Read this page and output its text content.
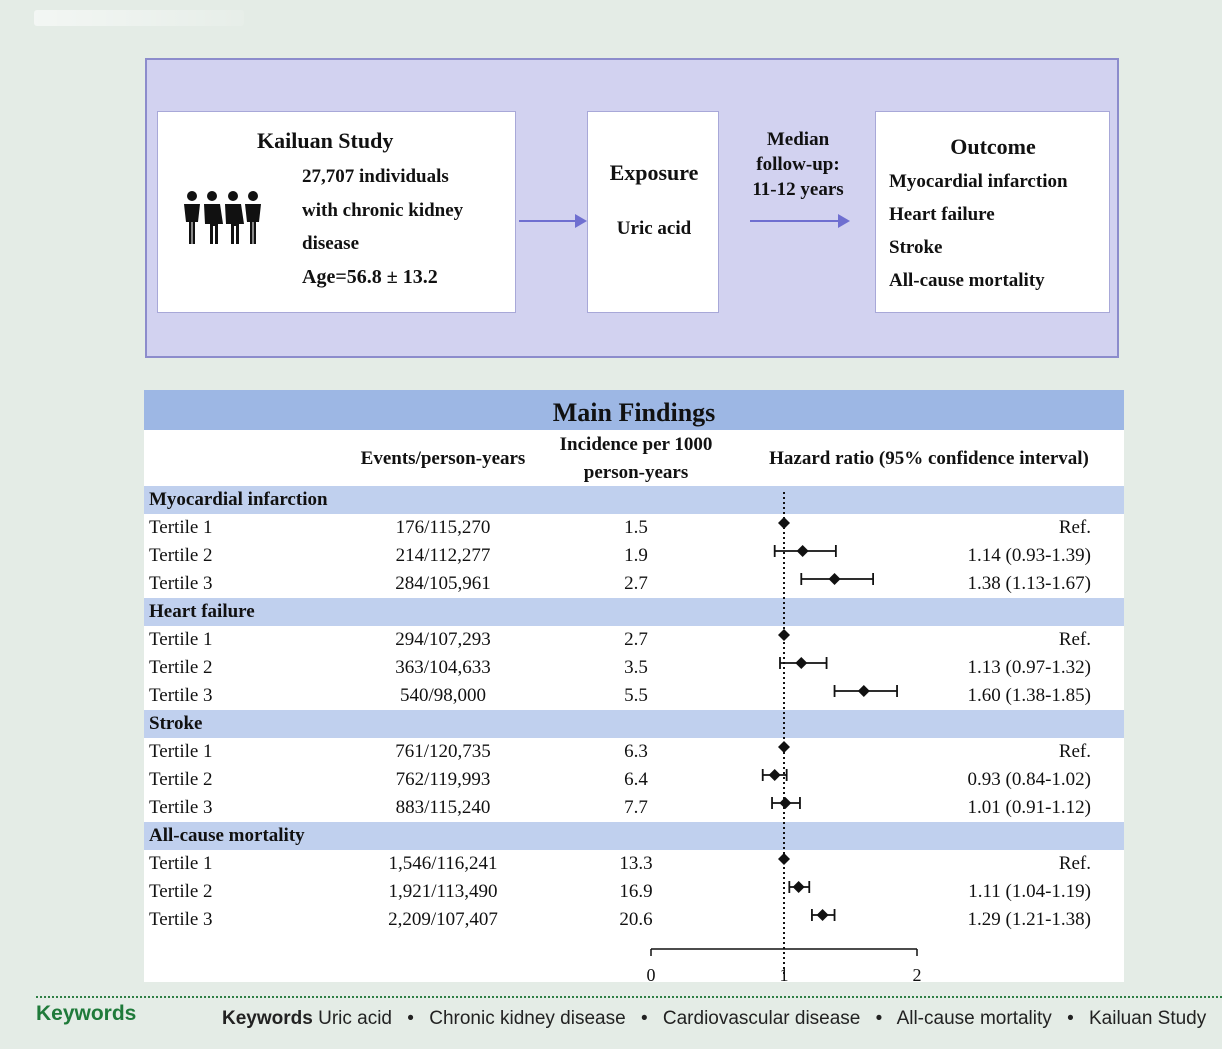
Kailuan Study
27,707 individuals
with chronic kidney
disease
Age=56.8 ± 13.2
Exposure
Uric acid
Median
follow-up:
11-12 years
Outcome
Myocardial infarction
Heart failure
Stroke
All-cause mortality
Main Findings
Events/person-years
Incidence per 1000
person-years
Hazard ratio (95% confidence interval)
Myocardial infarction
Tertile 1	176/115,270	1.5	Ref.
Tertile 2	214/112,277	1.9	1.14 (0.93-1.39)
Tertile 3	284/105,961	2.7	1.38 (1.13-1.67)
Heart failure
Tertile 1	294/107,293	2.7	Ref.
Tertile 2	363/104,633	3.5	1.13 (0.97-1.32)
Tertile 3	540/98,000	5.5	1.60 (1.38-1.85)
Stroke
Tertile 1	761/120,735	6.3	Ref.
Tertile 2	762/119,993	6.4	0.93 (0.84-1.02)
Tertile 3	883/115,240	7.7	1.01 (0.91-1.12)
All-cause mortality
Tertile 1	1,546/116,241	13.3	Ref.
Tertile 2	1,921/113,490	16.9	1.11 (1.04-1.19)
Tertile 3	2,209/107,407	20.6	1.29 (1.21-1.38)
0	1	2
Keywords	Keywords Uric acid • Chronic kidney disease • Cardiovascular disease • All-cause mortality • Kailuan Study
